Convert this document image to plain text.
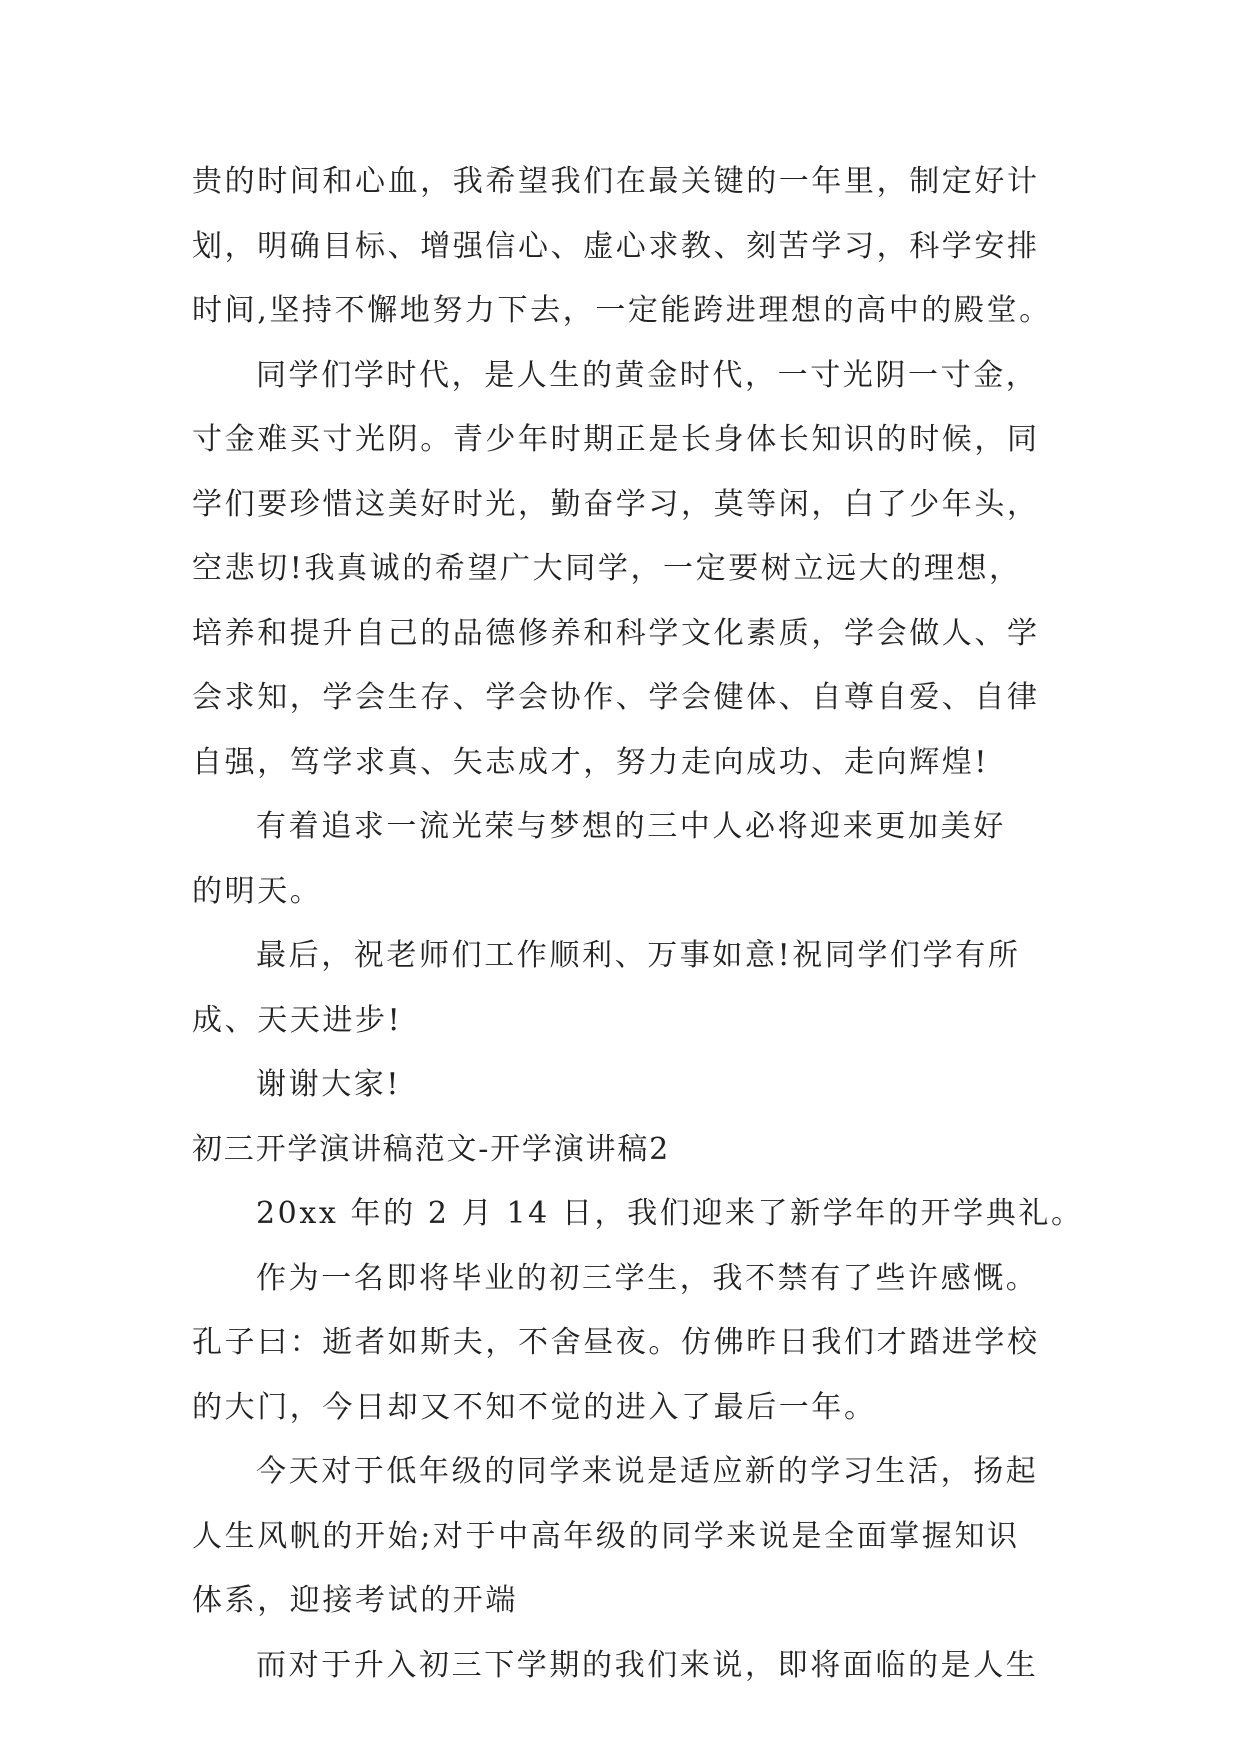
贵的时间和心血，我希望我们在最关键的一年里，制定好计
划，明确目标、增强信心、虚心求教、刻苦学习，科学安排
时间,坚持不懈地努力下去，一定能跨进理想的高中的殿堂。
同学们学时代，是人生的黄金时代，一寸光阴一寸金，
寸金难买寸光阴。青少年时期正是长身体长知识的时候，同
学们要珍惜这美好时光，勤奋学习，莫等闲，白了少年头，
空悲切!我真诚的希望广大同学，一定要树立远大的理想，
培养和提升自己的品德修养和科学文化素质，学会做人、学
会求知，学会生存、学会协作、学会健体、自尊自爱、自律
自强，笃学求真、矢志成才，努力走向成功、走向辉煌!
有着追求一流光荣与梦想的三中人必将迎来更加美好
的明天。
最后，祝老师们工作顺利、万事如意!祝同学们学有所
成、天天进步!
谢谢大家!
初三开学演讲稿范文-开学演讲稿2
20xx 年的 2 月 14 日，我们迎来了新学年的开学典礼。
作为一名即将毕业的初三学生，我不禁有了些许感慨。
孔子曰：逝者如斯夫，不舍昼夜。仿佛昨日我们才踏进学校
的大门，今日却又不知不觉的进入了最后一年。
今天对于低年级的同学来说是适应新的学习生活，扬起
人生风帆的开始;对于中高年级的同学来说是全面掌握知识
体系，迎接考试的开端
而对于升入初三下学期的我们来说，即将面临的是人生
